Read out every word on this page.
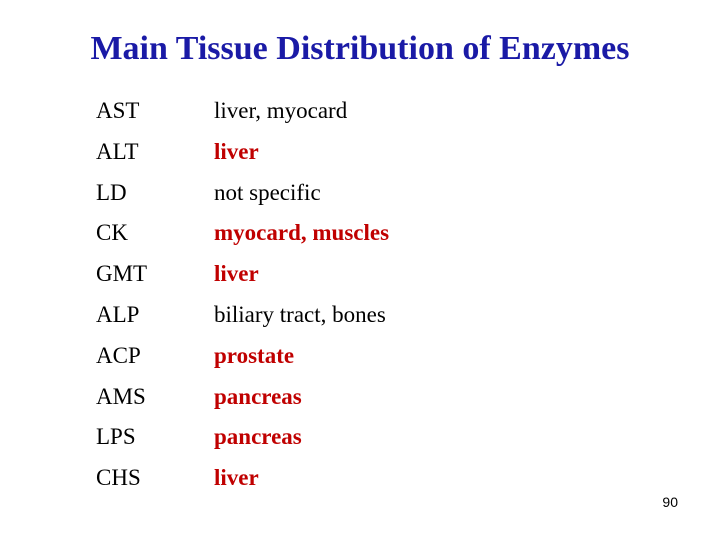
Main Tissue Distribution of Enzymes
AST	liver, myocard
ALT	liver
LD	not specific
CK	myocard, muscles
GMT	liver
ALP	biliary tract, bones
ACP	prostate
AMS	pancreas
LPS	pancreas
CHS	liver
90
